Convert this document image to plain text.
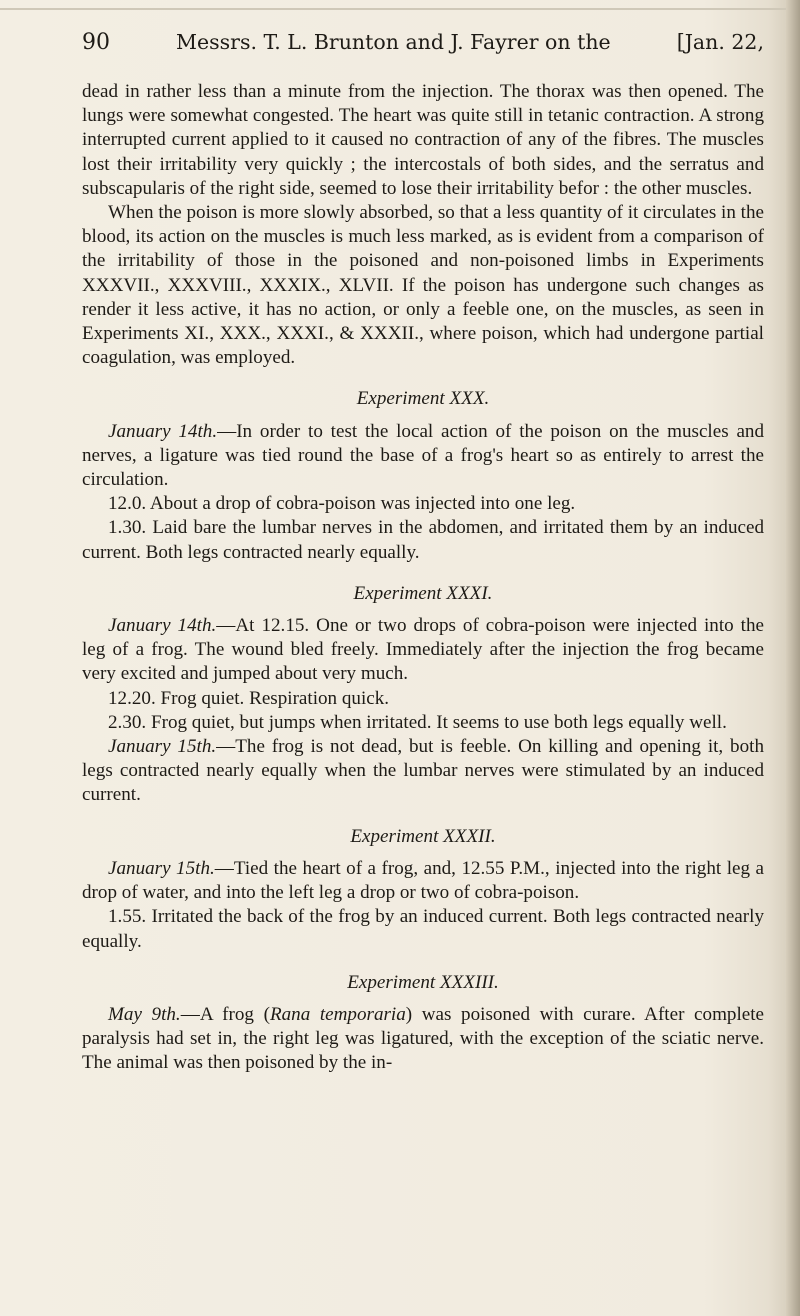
90	Messrs. T. L. Brunton and J. Fayrer on the	[Jan. 22,

dead in rather less than a minute from the injection. The thorax was then opened. The lungs were somewhat congested. The heart was quite still in tetanic contraction. A strong interrupted current applied to it caused no contraction of any of the fibres. The muscles lost their irritability very quickly ; the intercostals of both sides, and the serratus and subscapularis of the right side, seemed to lose their irritability befor : the other muscles.

When the poison is more slowly absorbed, so that a less quantity of it circulates in the blood, its action on the muscles is much less marked, as is evident from a comparison of the irritability of those in the poisoned and non-poisoned limbs in Experiments XXXVII., XXXVIII., XXXIX., XLVII. If the poison has undergone such changes as render it less active, it has no action, or only a feeble one, on the muscles, as seen in Experiments XI., XXX., XXXI., & XXXII., where poison, which had undergone partial coagulation, was employed.

Experiment XXX.

January 14th.—In order to test the local action of the poison on the muscles and nerves, a ligature was tied round the base of a frog's heart so as entirely to arrest the circulation.

12.0. About a drop of cobra-poison was injected into one leg.

1.30. Laid bare the lumbar nerves in the abdomen, and irritated them by an induced current. Both legs contracted nearly equally.

Experiment XXXI.

January 14th.—At 12.15. One or two drops of cobra-poison were injected into the leg of a frog. The wound bled freely. Immediately after the injection the frog became very excited and jumped about very much.

12.20. Frog quiet. Respiration quick.

2.30. Frog quiet, but jumps when irritated. It seems to use both legs equally well.

January 15th.—The frog is not dead, but is feeble. On killing and opening it, both legs contracted nearly equally when the lumbar nerves were stimulated by an induced current.

Experiment XXXII.

January 15th.—Tied the heart of a frog, and, 12.55 P.M., injected into the right leg a drop of water, and into the left leg a drop or two of cobra-poison.

1.55. Irritated the back of the frog by an induced current. Both legs contracted nearly equally.

Experiment XXXIII.

May 9th.—A frog (Rana temporaria) was poisoned with curare. After complete paralysis had set in, the right leg was ligatured, with the exception of the sciatic nerve. The animal was then poisoned by the in-
